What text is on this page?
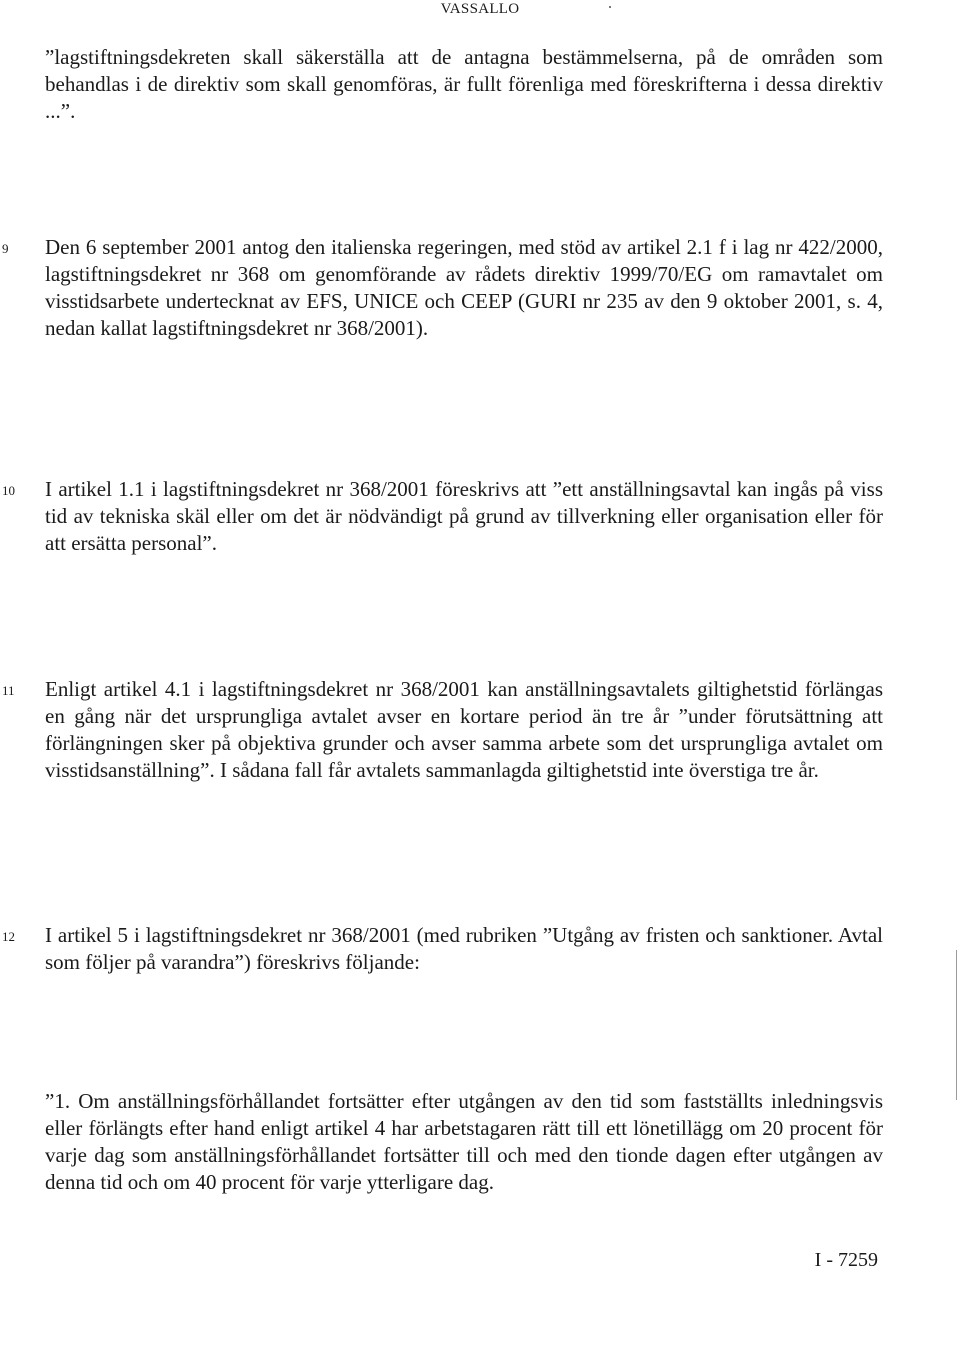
VASSALLO
”lagstiftningsdekreten skall säkerställa att de antagna bestämmelserna, på de områden som behandlas i de direktiv som skall genomföras, är fullt förenliga med föreskrifterna i dessa direktiv ...”.
9 Den 6 september 2001 antog den italienska regeringen, med stöd av artikel 2.1 f i lag nr 422/2000, lagstiftningsdekret nr 368 om genomförande av rådets direktiv 1999/70/EG om ramavtalet om visstidsarbete undertecknat av EFS, UNICE och CEEP (GURI nr 235 av den 9 oktober 2001, s. 4, nedan kallat lagstiftningsdekret nr 368/2001).
10 I artikel 1.1 i lagstiftningsdekret nr 368/2001 föreskrivs att ”ett anställningsavtal kan ingås på viss tid av tekniska skäl eller om det är nödvändigt på grund av tillverkning eller organisation eller för att ersätta personal”.
11 Enligt artikel 4.1 i lagstiftningsdekret nr 368/2001 kan anställningsavtalets giltighetstid förlängas en gång när det ursprungliga avtalet avser en kortare period än tre år ”under förutsättning att förlängningen sker på objektiva grunder och avser samma arbete som det ursprungliga avtalet om visstidsanställning”. I sådana fall får avtalets sammanlagda giltighetstid inte överstiga tre år.
12 I artikel 5 i lagstiftningsdekret nr 368/2001 (med rubriken ”Utgång av fristen och sanktioner. Avtal som följer på varandra”) föreskrivs följande:
”1. Om anställningsförhållandet fortsätter efter utgången av den tid som fastställts inledningsvis eller förlängts efter hand enligt artikel 4 har arbetstagaren rätt till ett lönetillägg om 20 procent för varje dag som anställningsförhållandet fortsätter till och med den tionde dagen efter utgången av denna tid och om 40 procent för varje ytterligare dag.
I - 7259
